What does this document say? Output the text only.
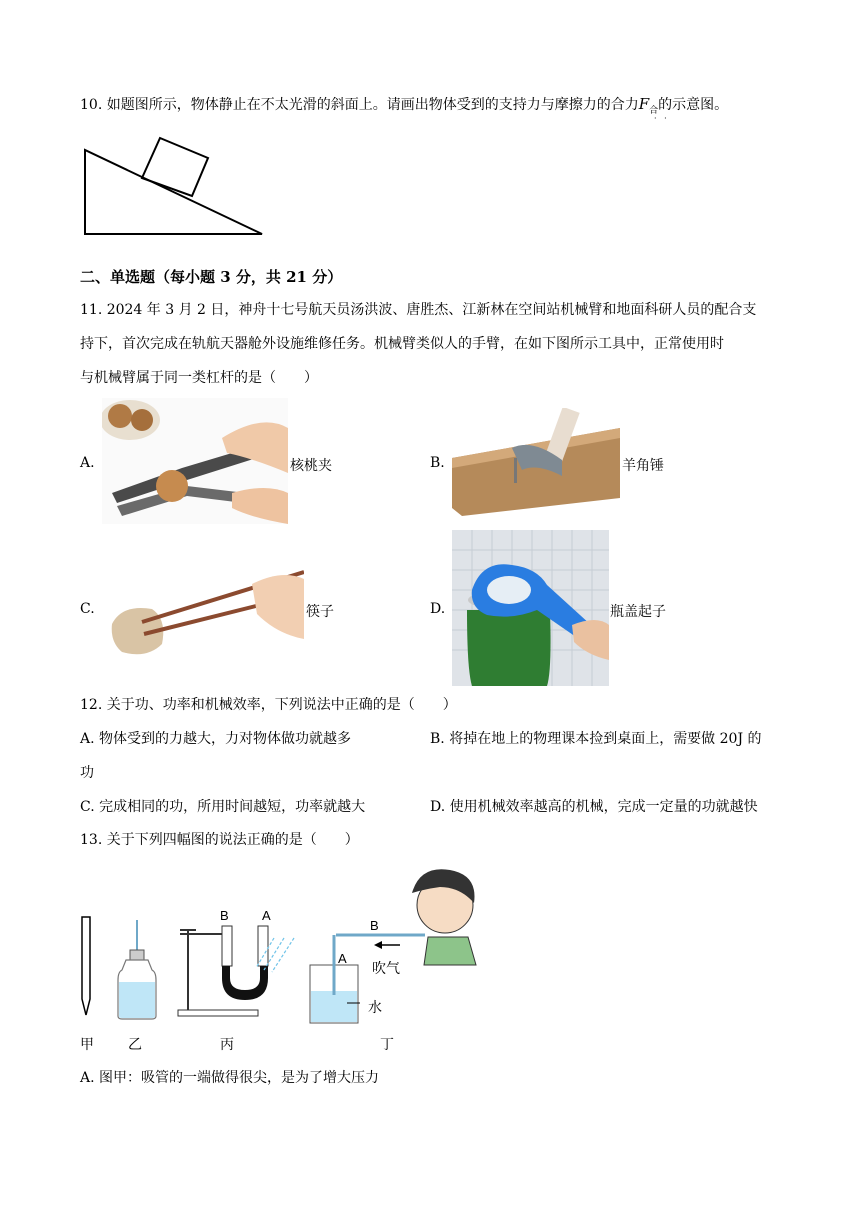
10. 如题图所示，物体静止在不太光滑的斜面上。请画出物体受到的支持力与摩擦力的合力$F_合$的示意图。
·   ·
二、单选题（每小题 3 分，共 21 分）
11. 2024 年 3 月 2 日，神舟十七号航天员汤洪波、唐胜杰、江新林在空间站机械臂和地面科研人员的配合支
持下，首次完成在轨航天器舱外设施维修任务。机械臂类似人的手臂，在如下图所示工具中，正常使用时
与机械臂属于同一类杠杆的是（　　）
A.	核桃夹	B.	羊角锤
C.	筷子	D.	瓶盖起子
12. 关于功、功率和机械效率，下列说法中正确的是（　　）
A. 物体受到的力越大，力对物体做功就越多	B. 将掉在地上的物理课本捡到桌面上，需要做 20J 的
功
C. 完成相同的功，所用时间越短，功率就越大	D. 使用机械效率越高的机械，完成一定量的功就越快
13. 关于下列四幅图的说法正确的是（　　）
B	A
B
A
吹气
水
甲 乙	丙	丁
A. 图甲：吸管的一端做得很尖，是为了增大压力
